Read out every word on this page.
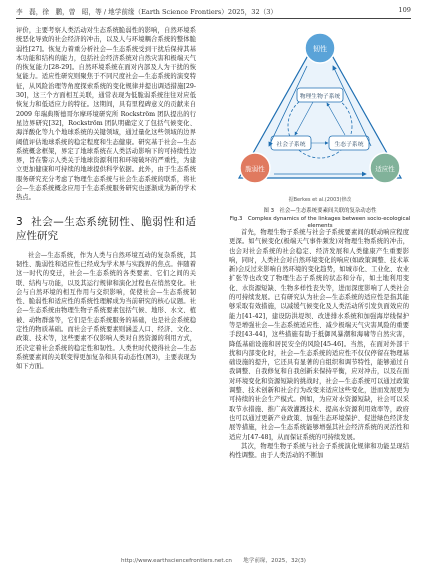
李　磊，徐　鹏，曾　昭，等 / 地学前缘（Earth Science Frontiers）2025，32（3）	109

评价，主要考察人类活动对生态系统脆弱性的影响，自然环境系统恶化导致的社会经济的冲击，以及人与环境耦合系统的整体脆弱性[27]。恢复力着重分析社会—生态系统受到干扰后保持其基本功能和结构的能力，包括社会经济系统对自然灾害和极端天气的恢复能力[28-29]。自然环境系统在面对内部及人为干扰的恢复能力。适应性研究则聚焦于不同尺度社会—生态系统的演变特征，从风险治理等角度探索系统的变化规律并提出调适措施[29-30]，这三个方面相互关联，通常表现为低脆弱系统往往对应低恢复力和低适应力的特征。这期间，具有里程碑意义的贡献来自 2009 年瑞典斯德哥尔摩环境研究所 Rockström 团队提出的行星边界研究[32]，Rockström 团队明确定义了包括气候变化、海洋酸化等九个地球系统的关键领域，通过量化这些领域的边界阈值评估地球系统的稳定程度和生态健康。研究基于社会—生态系统概念框架，界定了地球系统在人类活动影响下的可持续性边界，旨在警示人类关于地球资源利用和环境破坏的严重性，为建立更加健康和可持续的地球提供科学依据。此外，由于生态系统服务研究充分考虑了物理生态系统与社会生态系统的联系，将社会—生态系统概念应用于生态系统服务研究也逐渐成为新的学术热点。

3 社会—生态系统韧性、脆弱性和适应性研究

社会—生态系统，作为人类与自然环境互动的复杂系统，其韧性、脆弱性和适应性已经成为学术界与实践界的焦点。伴随着这一时代的变迁，社会—生态系统的各类要素、它们之间的关联、结构与功能，以及其运行规律和演化过程也在悄然变化。社会与自然环境的相互作用与交织影响，促使社会—生态系统韧性、脆弱性和适应性的系统性理解成为当前研究的核心议题。社会—生态系统由物理生物子系统要素包括气候、地形、水文、植被、动物群落等，它们是生态系统服务的基础，也是社会系统稳定性的物质基础。而社会子系统要素则涵盖人口、经济、文化、政策、技术等，这些要素不仅影响人类对自然资源的利用方式，还决定着社会系统的稳定性和韧性。人类世时代使得社会—生态系统要素间的关联变得更加复杂和具有动态性(图3)，主要表现为如下方面。

韧性
脆弱性	适应性
物理生物子系统
社会子系统	生态子系统
据Berkes et al.(2003)修改
图 3　社会—生态系统要素间关联的复杂动态性
Fig.3　Complex dynamics of the linkages between socio-ecological elements

首先，物理生物子系统与社会子系统要素间的联动响应程度更深。如气候变化(极端天气事件频发)对物理生物系统的冲击，也会对社会系统的社会稳定、经济发展和人类健康产生重要影响，同时，人类社会对自然环境变化的响应(如政策调整、技术革新)会反过来影响自然环境的变化趋势，如城市化、工业化、农业扩张等也改变了物理生态子系统的状态和分布，如土地利用变化、水资源短缺、生物多样性丧失等，进而深度影响了人类社会的可持续发展。已有研究认为社会—生态系统的适应性是指其能够采取有效措施，以减缓气候变化及人类活动所引发负面效应的能力[41-42]，建设防洪堤坝、改进排水系统和加强海岸线保护等是增强社会—生态系统适应性、减少极端天气灾害风险的重要手段[43-44]，这些措施有助于抵御风暴潮和海啸等自然灾害，降低基础设施和居民安全的风险[45-46]。当然，在面对外部干扰和内部变化时，社会—生态系统的适应性不仅仅停留在物理基础设施的提升，它还具有显著的自组织和调节特性，能够通过自我调整、自我修复和自我创新来保持平衡，应对冲击，以及在面对环境变化和资源短缺的挑战时，社会—生态系统可以通过政策调整、技术创新和社会行为改变来适应这些变化，进而发展更为可持续的社会生产模式。例如，为应对水资源短缺，社会可以采取节水措施、推广高效灌溉技术、提高水资源利用效率等，政府也可以通过更新产业政策、加强生态环境保护、促进绿色经济发展等措施，社会—生态系统能够增强其社会经济系统的灵活性和适应力[47-48]，从而保证系统的可持续发展。

其次，物理生物子系统与社会子系统演化规律和功能呈现结构性调整。由于人类活动的不断加

http://www.earthsciencefrontiers.net.cn　　地学前缘，2025，32(3)
